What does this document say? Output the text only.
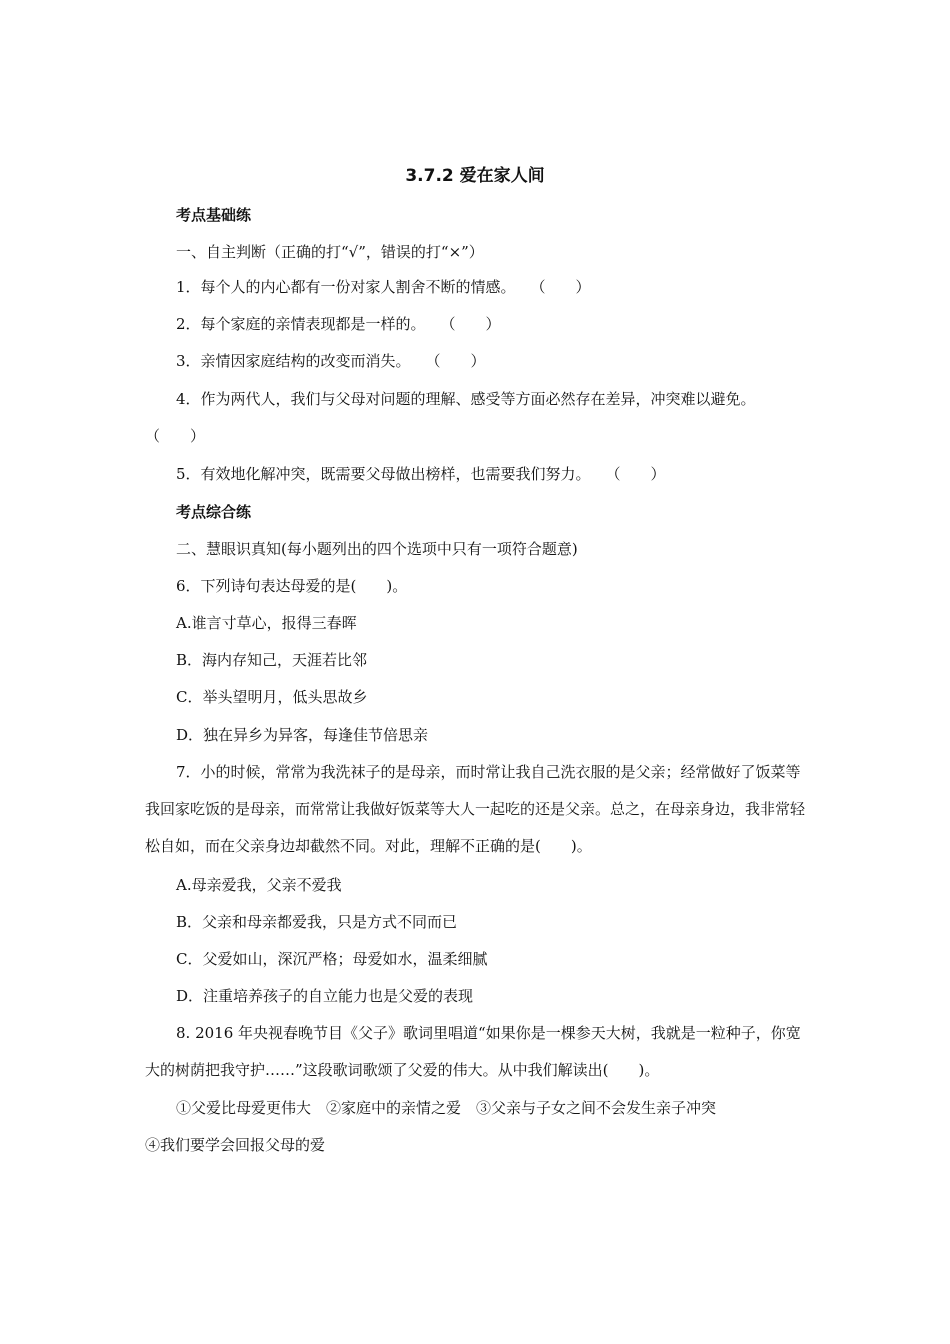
3.7.2 爱在家人间
考点基础练
一、自主判断（正确的打“√”，错误的打“×”）
1．每个人的内心都有一份对家人割舍不断的情感。　　（　　）
2．每个家庭的亲情表现都是一样的。　　（　　）
3．亲情因家庭结构的改变而消失。　　（　　）
4．作为两代人，我们与父母对问题的理解、感受等方面必然存在差异，冲突难以避免。
（　　）
5．有效地化解冲突，既需要父母做出榜样，也需要我们努力。　　（　　）
考点综合练
二、慧眼识真知(每小题列出的四个选项中只有一项符合题意)
6．下列诗句表达母爱的是(　　)。
A.谁言寸草心，报得三春晖
B．海内存知己，天涯若比邻
C．举头望明月，低头思故乡
D．独在异乡为异客，每逢佳节倍思亲
7．小的时候，常常为我洗袜子的是母亲，而时常让我自己洗衣服的是父亲；经常做好了饭菜等我回家吃饭的是母亲，而常常让我做好饭菜等大人一起吃的还是父亲。总之，在母亲身边，我非常轻松自如，而在父亲身边却截然不同。对此，理解不正确的是(　　)。
A.母亲爱我，父亲不爱我
B．父亲和母亲都爱我，只是方式不同而已
C．父爱如山，深沉严格；母爱如水，温柔细腻
D．注重培养孩子的自立能力也是父爱的表现
8. 2016 年央视春晚节目《父子》歌词里唱道“如果你是一棵参天大树，我就是一粒种子，你宽大的树荫把我守护……”这段歌词歌颂了父爱的伟大。从中我们解读出(　　)。
①父爱比母爱更伟大　②家庭中的亲情之爱　③父亲与子女之间不会发生亲子冲突
④我们要学会回报父母的爱
